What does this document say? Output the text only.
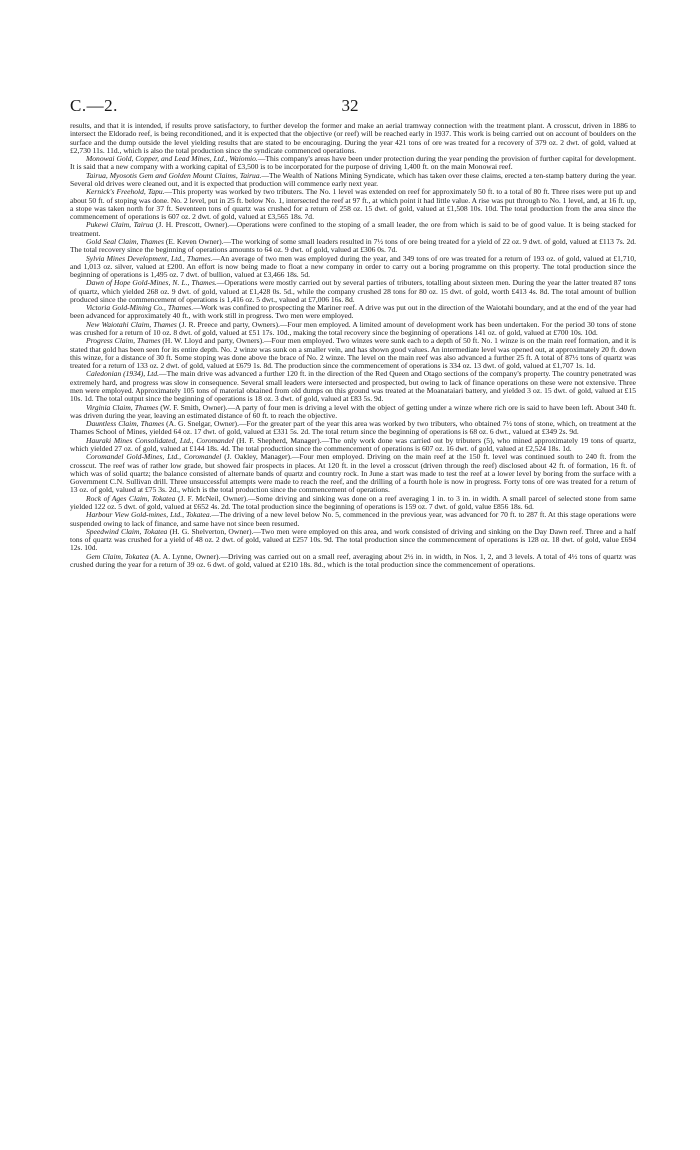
C.—2.	32

results, and that it is intended, if results prove satisfactory, to further develop the former and make an aerial tramway connection with the treatment plant. A crosscut, driven in 1886 to intersect the Eldorado reef, is being reconditioned, and it is expected that the objective (or reef) will be reached early in 1937. This work is being carried out on account of boulders on the surface and the dump outside the level yielding results that are stated to be encouraging. During the year 421 tons of ore was treated for a recovery of 379 oz. 2 dwt. of gold, valued at £2,730 11s. 11d., which is also the total production since the syndicate commenced operations.

Monowai Gold, Copper, and Lead Mines, Ltd., Waiomio.—This company's areas have been under protection during the year pending the provision of further capital for development. It is said that a new company with a working capital of £3,500 is to be incorporated for the purpose of driving 1,400 ft. on the main Monowai reef.

Tairua, Myosotis Gem and Golden Mount Claims, Tairua.—The Wealth of Nations Mining Syndicate, which has taken over these claims, erected a ten-stamp battery during the year. Several old drives were cleaned out, and it is expected that production will commence early next year.

Kernick's Freehold, Tapu.—This property was worked by two tributers. The No. 1 level was extended on reef for approximately 50 ft. to a total of 80 ft. Three rises were put up and about 50 ft. of stoping was done. No. 2 level, put in 25 ft. below No. 1, intersected the reef at 97 ft., at which point it had little value. A rise was put through to No. 1 level, and, at 16 ft. up, a stope was taken north for 37 ft. Seventeen tons of quartz was crushed for a return of 258 oz. 15 dwt. of gold, valued at £1,508 10s. 10d. The total production from the area since the commencement of operations is 607 oz. 2 dwt. of gold, valued at £3,565 18s. 7d.

Pukewi Claim, Tairua (J. H. Prescott, Owner).—Operations were confined to the stoping of a small leader, the ore from which is said to be of good value. It is being stacked for treatment.

Gold Seal Claim, Thames (E. Keven Owner).—The working of some small leaders resulted in 7½ tons of ore being treated for a yield of 22 oz. 9 dwt. of gold, valued at £113 7s. 2d. The total recovery since the beginning of operations amounts to 64 oz. 9 dwt. of gold, valued at £306 0s. 7d.

Sylvia Mines Development, Ltd., Thames.—An average of two men was employed during the year, and 349 tons of ore was treated for a return of 193 oz. of gold, valued at £1,710, and 1,013 oz. silver, valued at £200. An effort is now being made to float a new company in order to carry out a boring programme on this property. The total production since the beginning of operations is 1,495 oz. 7 dwt. of bullion, valued at £3,466 18s. 5d.

Dawn of Hope Gold-Mines, N. L., Thames.—Operations were mostly carried out by several parties of tributers, totalling about sixteen men. During the year the latter treated 87 tons of quartz, which yielded 268 oz. 9 dwt. of gold, valued at £1,428 0s. 5d., while the company crushed 28 tons for 80 oz. 15 dwt. of gold, worth £413 4s. 8d. The total amount of bullion produced since the commencement of operations is 1,416 oz. 5 dwt., valued at £7,006 16s. 8d.

Victoria Gold-Mining Co., Thames.—Work was confined to prospecting the Mariner reef. A drive was put out in the direction of the Waiotahi boundary, and at the end of the year had been advanced for approximately 40 ft., with work still in progress. Two men were employed.

New Waiotahi Claim, Thames (J. R. Preece and party, Owners).—Four men employed. A limited amount of development work has been undertaken. For the period 30 tons of stone was crushed for a return of 10 oz. 8 dwt. of gold, valued at £51 17s. 10d., making the total recovery since the beginning of operations 141 oz. of gold, valued at £700 10s. 10d.

Progress Claim, Thames (H. W. Lloyd and party, Owners).—Four men employed. Two winzes were sunk each to a depth of 50 ft. No. 1 winze is on the main reef formation, and it is stated that gold has been seen for its entire depth. No. 2 winze was sunk on a smaller vein, and has shown good values. An intermediate level was opened out, at approximately 20 ft. down this winze, for a distance of 30 ft. Some stoping was done above the brace of No. 2 winze. The level on the main reef was also advanced a further 25 ft. A total of 87½ tons of quartz was treated for a return of 133 oz. 2 dwt. of gold, valued at £679 1s. 8d. The production since the commencement of operations is 334 oz. 13 dwt. of gold, valued at £1,707 1s. 1d.

Caledonian (1934), Ltd.—The main drive was advanced a further 120 ft. in the direction of the Red Queen and Otago sections of the company's property. The country penetrated was extremely hard, and progress was slow in consequence. Several small leaders were intersected and prospected, but owing to lack of finance operations on these were not extensive. Three men were employed. Approximately 105 tons of material obtained from old dumps on this ground was treated at the Moanataiari battery, and yielded 3 oz. 15 dwt. of gold, valued at £15 10s. 1d. The total output since the beginning of operations is 18 oz. 3 dwt. of gold, valued at £83 5s. 9d.

Virginia Claim, Thames (W. F. Smith, Owner).—A party of four men is driving a level with the object of getting under a winze where rich ore is said to have been left. About 340 ft. was driven during the year, leaving an estimated distance of 60 ft. to reach the objective.

Dauntless Claim, Thames (A. G. Snelgar, Owner).—For the greater part of the year this area was worked by two tributers, who obtained 7½ tons of stone, which, on treatment at the Thames School of Mines, yielded 64 oz. 17 dwt. of gold, valued at £331 5s. 2d. The total return since the beginning of operations is 68 oz. 6 dwt., valued at £349 2s. 9d.

Hauraki Mines Consolidated, Ltd., Coromandel (H. F. Shepherd, Manager).—The only work done was carried out by tributers (5), who mined approximately 19 tons of quartz, which yielded 27 oz. of gold, valued at £144 18s. 4d. The total production since the commencement of operations is 607 oz. 16 dwt. of gold, valued at £2,524 18s. 1d.

Coromandel Gold-Mines, Ltd., Coromandel (J. Oakley, Manager).—Four men employed. Driving on the main reef at the 150 ft. level was continued south to 240 ft. from the crosscut. The reef was of rather low grade, but showed fair prospects in places. At 120 ft. in the level a crosscut (driven through the reef) disclosed about 42 ft. of formation, 16 ft. of which was of solid quartz; the balance consisted of alternate bands of quartz and country rock. In June a start was made to test the reef at a lower level by boring from the surface with a Government C.N. Sullivan drill. Three unsuccessful attempts were made to reach the reef, and the drilling of a fourth hole is now in progress. Forty tons of ore was treated for a return of 13 oz. of gold, valued at £75 3s. 2d., which is the total production since the commencement of operations.

Rock of Ages Claim, Tokatea (J. F. McNeil, Owner).—Some driving and sinking was done on a reef averaging 1 in. to 3 in. in width. A small parcel of selected stone from same yielded 122 oz. 5 dwt. of gold, valued at £652 4s. 2d. The total production since the beginning of operations is 159 oz. 7 dwt. of gold, value £856 18s. 6d.

Harbour View Gold-mines, Ltd., Tokatea.—The driving of a new level below No. 5, commenced in the previous year, was advanced for 70 ft. to 287 ft. At this stage operations were suspended owing to lack of finance, and same have not since been resumed.

Speedwind Claim, Tokatea (H. G. Shelverton, Owner).—Two men were employed on this area, and work consisted of driving and sinking on the Day Dawn reef. Three and a half tons of quartz was crushed for a yield of 48 oz. 2 dwt. of gold, valued at £257 10s. 9d. The total production since the commencement of operations is 128 oz. 18 dwt. of gold, value £694 12s. 10d.

Gem Claim, Tokatea (A. A. Lynne, Owner).—Driving was carried out on a small reef, averaging about 2½ in. in width, in Nos. 1, 2, and 3 levels. A total of 4½ tons of quartz was crushed during the year for a return of 39 oz. 6 dwt. of gold, valued at £210 18s. 8d., which is the total production since the commencement of operations.
